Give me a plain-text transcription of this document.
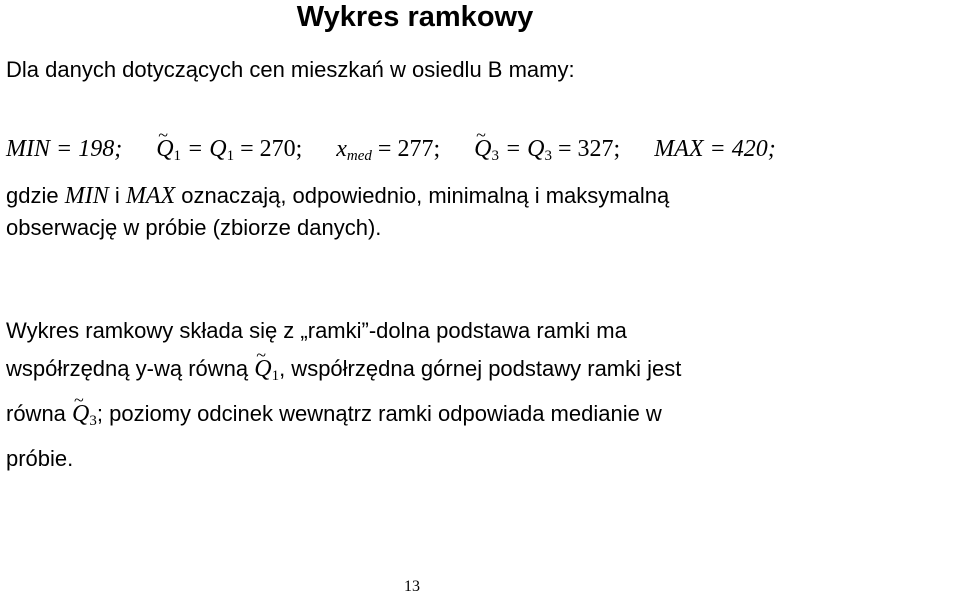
Wykres ramkowy
Dla danych dotyczących cen mieszkań w osiedlu B mamy:
MIN = 198; ~ $Q_1 = Q_1 = 270$; $x_{med} = 277$; ~ $Q_3 = Q_3 = 327$; MAX = 420;
gdzie MIN i MAX oznaczają, odpowiednio, minimalną i maksymalną
obserwację w próbie (zbiorze danych).
Wykres ramkowy składa się z „ramki”-dolna podstawa ramki ma
współrzędną y-wą równą ~ $Q_1$, współrzędna górnej podstawy ramki jest
równa ~ $Q_3$; poziomy odcinek wewnątrz ramki odpowiada medianie w
próbie.
13
